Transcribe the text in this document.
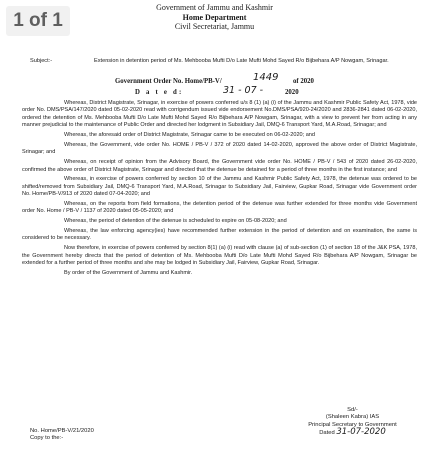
1 of 1
Government of Jammu and Kashmir
Home Department
Civil Secretariat, Jammu
Subject:-	Extension in detention period of Ms. Mehbooba Mufti D/o Late Mufti Mohd Sayed R/o Bijbehara A/P Nowgam, Srinagar.
Government Order No. Home/PB-V/	1449 of 2020
D a t e d:	31 - 07 -	2020

Whereas, District Magistrate, Srinagar, in exercise of powers conferred u/s 8 (1) (a) (i) of the Jammu and Kashmir Public Safety Act, 1978, vide order No. DMS/PSA/147/2020 dated 05-02-2020 read with corrigendum issued vide endorsement No.DMS/PSA/920-24/2020 and 2836-2841 dated 06-02-2020, ordered the detention of Ms. Mehbooba Mufti D/o Late Mufti Mohd Sayed R/o Bijbehara A/P Nowgam, Srinagar, with a view to prevent her from acting in any manner prejudicial to the maintenance of Public Order and directed her lodgment in Subsidiary Jail, DMQ-6 Transport Yard, M.A.Road, Srinagar; and

Whereas, the aforesaid order of District Magistrate, Srinagar came to be executed on 06-02-2020; and

Whereas, the Government, vide order No. HOME / PB-V / 372 of 2020 dated 14-02-2020, approved the above order of District Magistrate, Srinagar; and

Whereas, on receipt of opinion from the Advisory Board, the Government vide order No. HOME / PB-V / 543 of 2020 dated 26-02-2020, confirmed the above order of District Magistrate, Srinagar and directed that the detenue be detained for a period of three months in the first instance; and

Whereas, in exercise of powers conferred by section 10 of the Jammu and Kashmir Public Safety Act, 1978, the detenue was ordered to be shifted/removed from Subsidiary Jail, DMQ-6 Transport Yard, M.A.Road, Srinagar to Subsidiary Jail, Fairview, Gupkar Road, Srinagar vide Government order No. Home/PB-V/913 of 2020 dated 07-04-2020; and

Whereas, on the reports from field formations, the detention period of the detenue was further extended for three months vide Government order No. Home / PB-V / 1137 of 2020 dated 05-05-2020; and

Whereas, the period of detention of the detenue is scheduled to expire on 05-08-2020; and

Whereas, the law enforcing agency(ies) have recommended further extension in the period of detention and on examination, the same is considered to be necessary.

Now therefore, in exercise of powers conferred by section 8(1) (a) (i) read with clause (a) of sub-section (1) of section 18 of the J&K PSA, 1978, the Government hereby directs that the period of detention of Ms. Mehbooba Mufti D/o Late Mufti Mohd Sayed R/o Bijbehara A/P Nowgam, Srinagar be extended for a further period of three months and she may be lodged in Subsidiary Jail, Fairview, Gupkar Road, Srinagar.

By order of the Government of Jammu and Kashmir.

Sd/-
(Shaleen Kabra) IAS
Principal Secretary to Government
Dated 31-07-2020
No. Home/PB-V/21/2020
Copy to the:-
